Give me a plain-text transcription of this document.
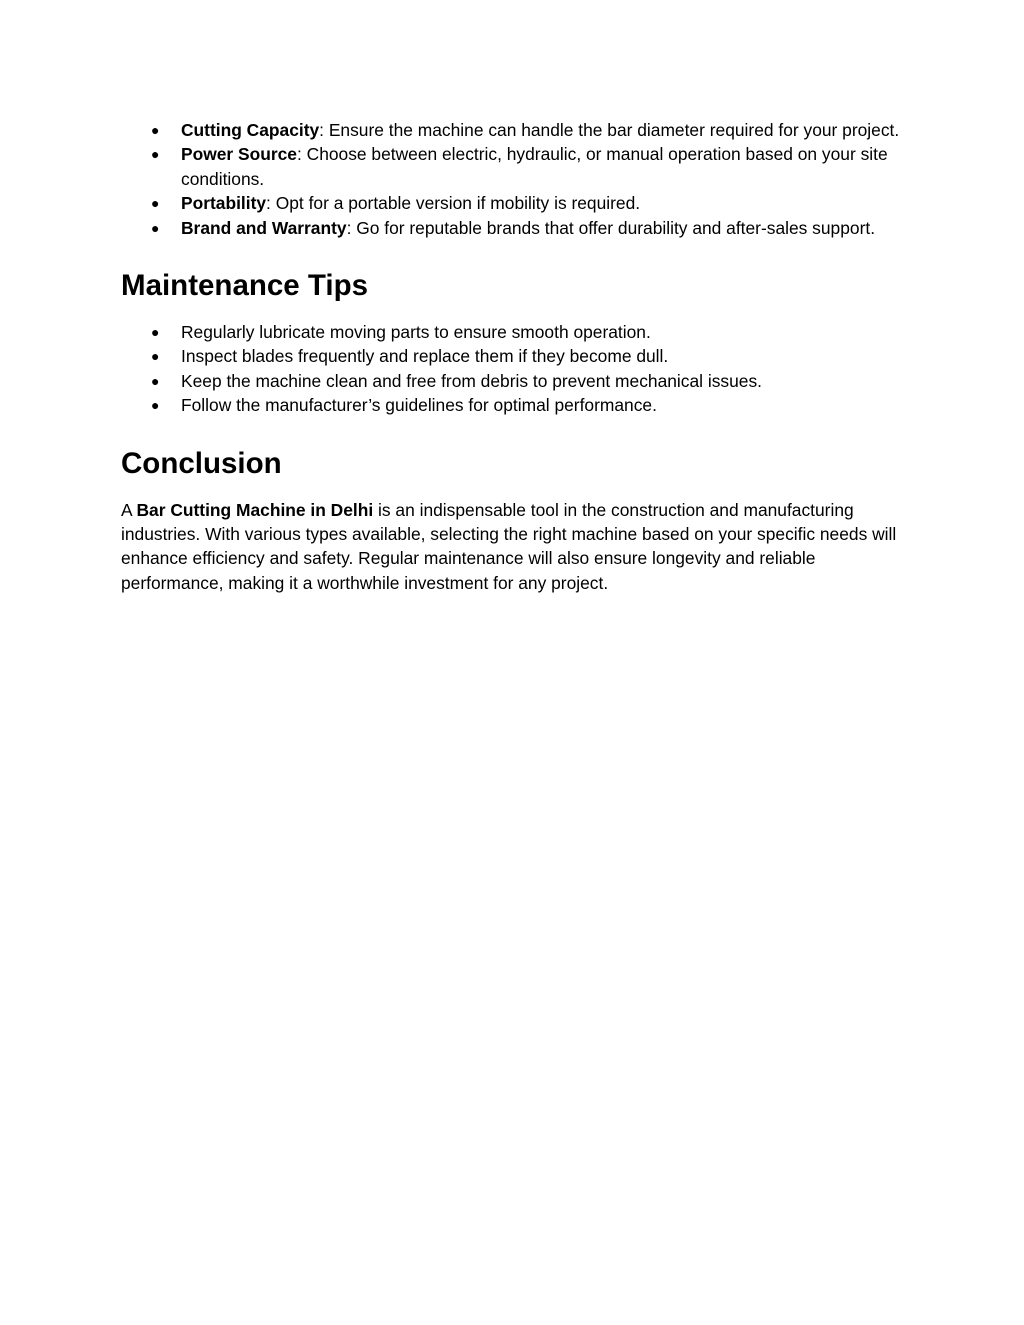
● Cutting Capacity: Ensure the machine can handle the bar diameter required for your project.
● Power Source: Choose between electric, hydraulic, or manual operation based on your site conditions.
● Portability: Opt for a portable version if mobility is required.
● Brand and Warranty: Go for reputable brands that offer durability and after-sales support.
Maintenance Tips
● Regularly lubricate moving parts to ensure smooth operation.
● Inspect blades frequently and replace them if they become dull.
● Keep the machine clean and free from debris to prevent mechanical issues.
● Follow the manufacturer’s guidelines for optimal performance.
Conclusion

A Bar Cutting Machine in Delhi is an indispensable tool in the construction and manufacturing industries. With various types available, selecting the right machine based on your specific needs will enhance efficiency and safety. Regular maintenance will also ensure longevity and reliable performance, making it a worthwhile investment for any project.
